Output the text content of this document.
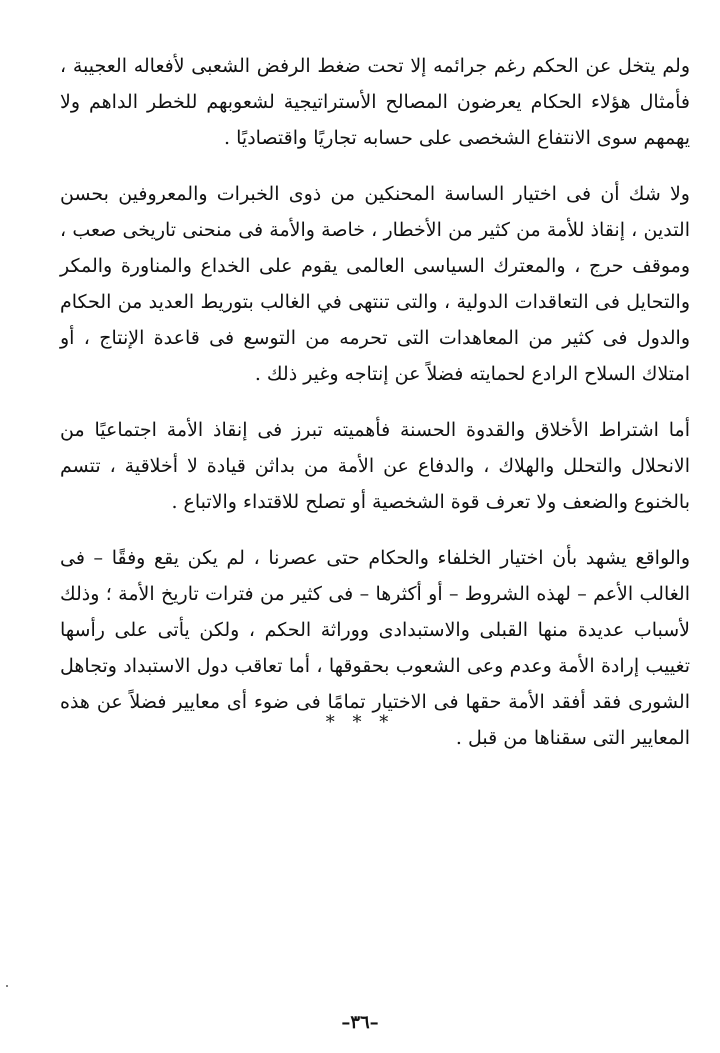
ولم يتخل عن الحكم رغم جرائمه إلا تحت ضغط الرفض الشعبى لأفعاله العجيبة ، فأمثال هؤلاء الحكام يعرضون المصالح الأستراتيجية لشعوبهم للخطر الداهم ولا يهمهم سوى الانتفاع الشخصى على حسابه تجاريًا واقتصاديًا .

ولا شك أن فى اختيار الساسة المحنكين من ذوى الخبرات والمعروفين بحسن التدين ، إنقاذ للأمة من كثير من الأخطار ، خاصة والأمة فى منحنى تاريخى صعب ، وموقف حرج ، والمعترك السياسى العالمى يقوم على الخداع والمناورة والمكر والتحايل فى التعاقدات الدولية ، والتى تنتهى في الغالب بتوريط العديد من الحكام والدول فى كثير من المعاهدات التى تحرمه من التوسع فى قاعدة الإنتاج ، أو امتلاك السلاح الرادع لحمايته فضلاً عن إنتاجه وغير ذلك .

أما اشتراط الأخلاق والقدوة الحسنة فأهميته تبرز فى إنقاذ الأمة اجتماعيًا من الانحلال والتحلل والهلاك ، والدفاع عن الأمة من بداثن قيادة لا أخلاقية ، تتسم بالخنوع والضعف ولا تعرف قوة الشخصية أو تصلح للاقتداء والاتباع .

والواقع يشهد بأن اختيار الخلفاء والحكام حتى عصرنا ، لم يكن يقع وفقًا – فى الغالب الأعم – لهذه الشروط – أو أكثرها – فى كثير من فترات تاريخ الأمة ؛ وذلك لأسباب عديدة منها القبلى والاستبدادى ووراثة الحكم ، ولكن يأتى على رأسها تغييب إرادة الأمة وعدم وعى الشعوب بحقوقها ، أما تعاقب دول الاستبداد وتجاهل الشورى فقد أفقد الأمة حقها فى الاختيار تمامًا فى ضوء أى معايير فضلاً عن هذه المعايير التى سقناها من قبل .

* * *
–٣٦–
